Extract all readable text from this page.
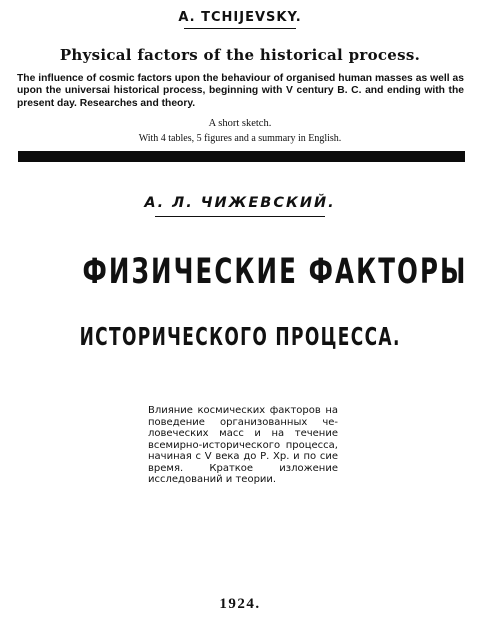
A. TCHIJEVSKY.

Physical factors of the historical process.

The influence of cosmic factors upon the behaviour of organised human masses as well as upon the universai historical process, beginning with V century B. C. and ending with the present day. Researches and theory.

A short sketch.

With 4 tables, 5 figures and a summary in English.

А. Л. ЧИЖЕВСКИЙ.

ФИЗИЧЕСКИЕ ФАКТОРЫ

ИСТОРИЧЕСКОГО ПРОЦЕССА.

Влияние космических факторов на поведение организованных человеческих масс и на течение всемирно-исторического процесса, начиная с V века до Р. Хр. и по сие время. Краткое изложение исследований и теории.

1924.
